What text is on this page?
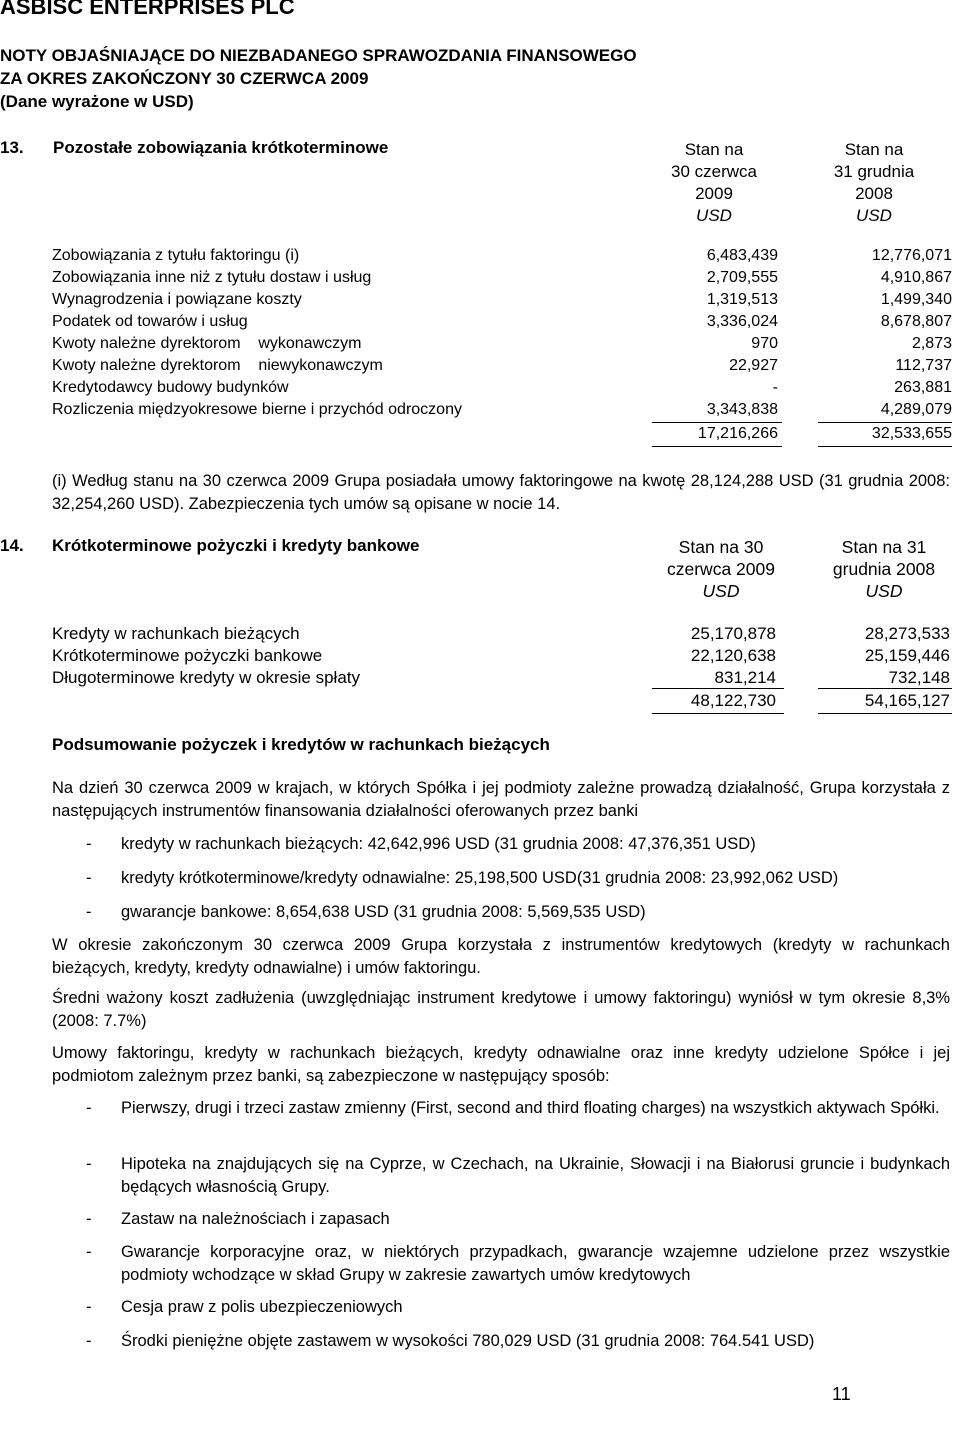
ASBISC ENTERPRISES PLC
NOTY OBJAŚNIAJĄCE DO NIEZBADANEGO SPRAWOZDANIA FINANSOWEGO
ZA OKRES ZAKOŃCZONY 30 CZERWCA 2009
(Dane wyrażone w USD)
13. Pozostałe zobowiązania krótkoterminowe	Stan na
30 czerwca
2009
USD
Stan na
31 grudnia
2008
USD
Zobowiązania z tytułu faktoringu (i)	6,483,439	12,776,071
Zobowiązania inne niż z tytułu dostaw i usług	2,709,555	4,910,867
Wynagrodzenia i powiązane koszty	1,319,513	1,499,340
Podatek od towarów i usług	3,336,024	8,678,807
Kwoty należne dyrektorom    wykonawczym	970	2,873
Kwoty należne dyrektorom    niewykonawczym	22,927	112,737
Kredytodawcy budowy budynków	-	263,881
Rozliczenia międzyokresowe bierne i przychód odroczony	3,343,838	4,289,079
17,216,266	32,533,655
(i) Według stanu na 30 czerwca 2009 Grupa posiadała umowy faktoringowe na kwotę 28,124,288 USD (31 grudnia 2008: 32,254,260 USD). Zabezpieczenia tych umów są opisane w nocie 14.
14. Krótkoterminowe pożyczki i kredyty bankowe	Stan na 30
czerwca 2009
USD
Stan na 31
grudnia 2008
USD
Kredyty w rachunkach bieżących	25,170,878	28,273,533
Krótkoterminowe pożyczki bankowe	22,120,638	25,159,446
Długoterminowe kredyty w okresie spłaty	831,214	732,148
48,122,730	54,165,127
Podsumowanie pożyczek i kredytów w rachunkach bieżących
Na dzień 30 czerwca 2009 w krajach, w których Spółka i jej podmioty zależne prowadzą działalność, Grupa korzystała z następujących instrumentów finansowania działalności oferowanych przez banki
- kredyty w rachunkach bieżących: 42,642,996 USD (31 grudnia 2008: 47,376,351 USD)
- kredyty krótkoterminowe/kredyty odnawialne: 25,198,500 USD(31 grudnia 2008: 23,992,062 USD)
- gwarancje bankowe: 8,654,638 USD (31 grudnia 2008: 5,569,535 USD)
W okresie zakończonym 30 czerwca 2009 Grupa korzystała z instrumentów kredytowych (kredyty w rachunkach bieżących, kredyty, kredyty odnawialne) i umów faktoringu.
Średni ważony koszt zadłużenia (uwzględniając instrument kredytowe i umowy faktoringu) wyniósł w tym okresie 8,3% (2008: 7.7%)
Umowy faktoringu, kredyty w rachunkach bieżących, kredyty odnawialne oraz inne kredyty udzielone Spółce i jej podmiotom zależnym przez banki, są zabezpieczone w następujący sposób:
- Pierwszy, drugi i trzeci zastaw zmienny (First, second and third floating charges) na wszystkich aktywach Spółki.
- Hipoteka na znajdujących się na Cyprze, w Czechach, na Ukrainie, Słowacji i na Białorusi gruncie i budynkach będących własnością Grupy.
- Zastaw na należnościach i zapasach
- Gwarancje korporacyjne oraz, w niektórych przypadkach, gwarancje wzajemne udzielone przez wszystkie podmioty wchodzące w skład Grupy w zakresie zawartych umów kredytowych
- Cesja praw z polis ubezpieczeniowych
- Środki pieniężne objęte zastawem w wysokości 780,029 USD (31 grudnia 2008: 764.541 USD)
11
